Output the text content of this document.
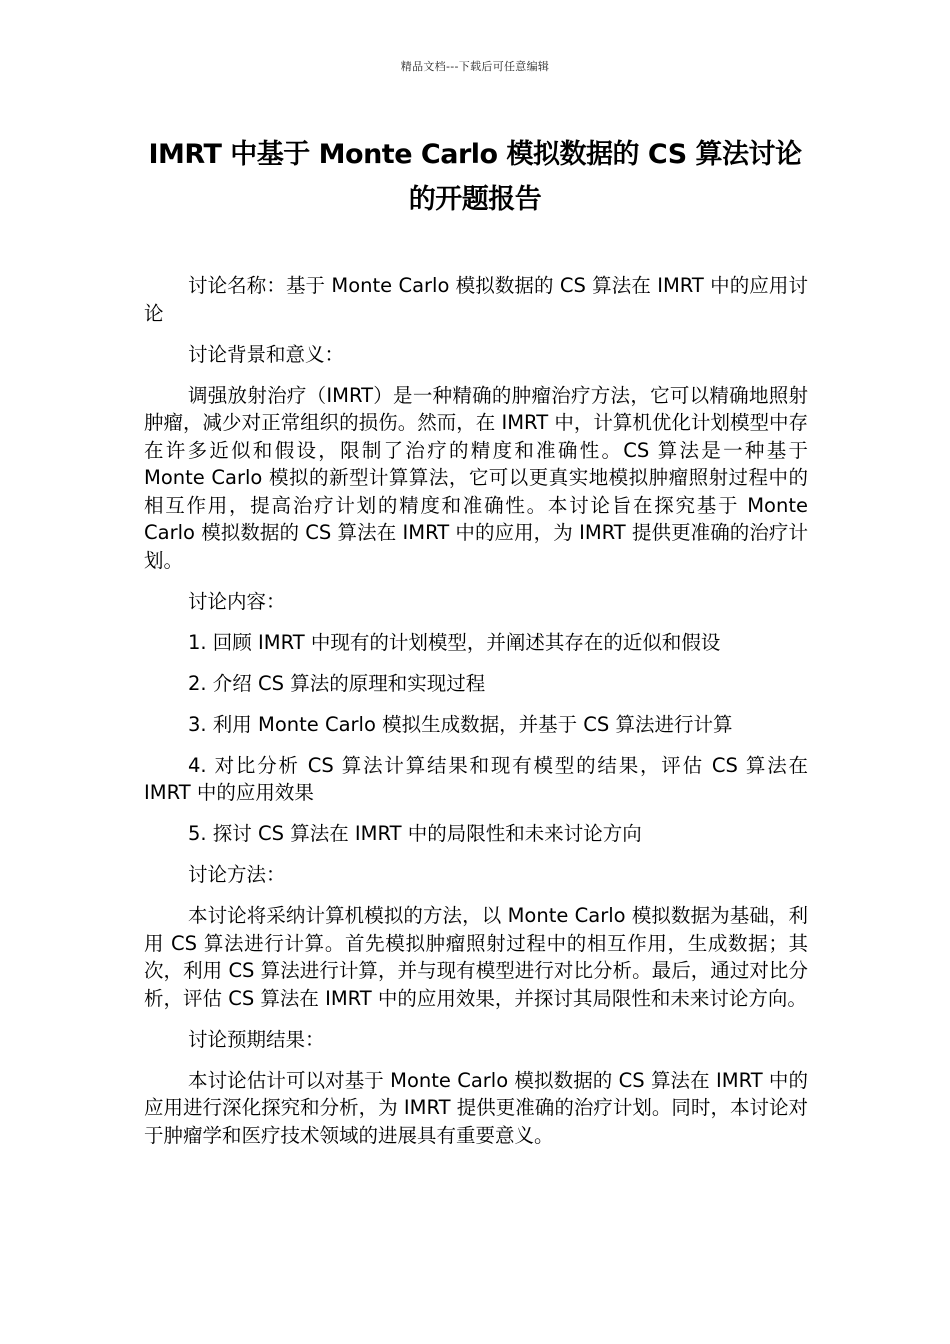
精品文档---下载后可任意编辑
IMRT 中基于 Monte Carlo 模拟数据的 CS 算法讨论
的开题报告

讨论名称：基于 Monte Carlo 模拟数据的 CS 算法在 IMRT 中的应用讨论

讨论背景和意义：

调强放射治疗（IMRT）是一种精确的肿瘤治疗方法，它可以精确地照射肿瘤，减少对正常组织的损伤。然而，在 IMRT 中，计算机优化计划模型中存在许多近似和假设，限制了治疗的精度和准确性。CS 算法是一种基于 Monte Carlo 模拟的新型计算算法，它可以更真实地模拟肿瘤照射过程中的相互作用，提高治疗计划的精度和准确性。本讨论旨在探究基于 Monte Carlo 模拟数据的 CS 算法在 IMRT 中的应用，为 IMRT 提供更准确的治疗计划。

讨论内容：

1. 回顾 IMRT 中现有的计划模型，并阐述其存在的近似和假设

2. 介绍 CS 算法的原理和实现过程

3. 利用 Monte Carlo 模拟生成数据，并基于 CS 算法进行计算

4. 对比分析 CS 算法计算结果和现有模型的结果，评估 CS 算法在 IMRT 中的应用效果

5. 探讨 CS 算法在 IMRT 中的局限性和未来讨论方向

讨论方法：

本讨论将采纳计算机模拟的方法，以 Monte Carlo 模拟数据为基础，利用 CS 算法进行计算。首先模拟肿瘤照射过程中的相互作用，生成数据；其次，利用 CS 算法进行计算，并与现有模型进行对比分析。最后，通过对比分析，评估 CS 算法在 IMRT 中的应用效果，并探讨其局限性和未来讨论方向。

讨论预期结果：

本讨论估计可以对基于 Monte Carlo 模拟数据的 CS 算法在 IMRT 中的应用进行深化探究和分析，为 IMRT 提供更准确的治疗计划。同时，本讨论对于肿瘤学和医疗技术领域的进展具有重要意义。
